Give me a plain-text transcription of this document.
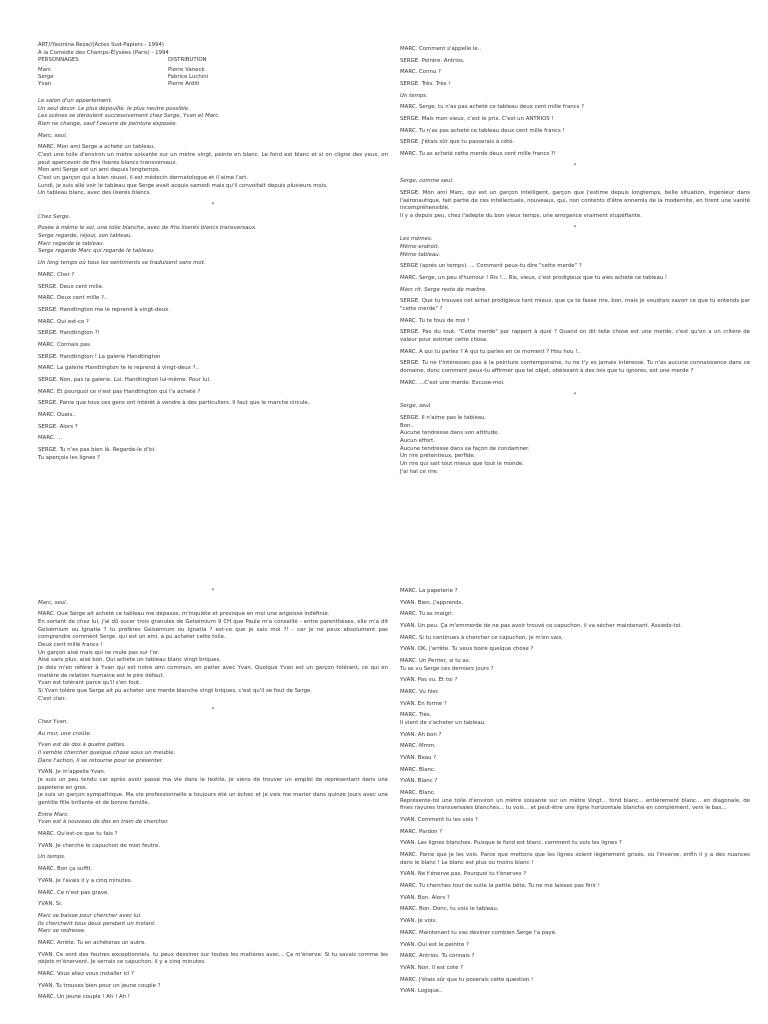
ART//Yasmina Reza//(Actes Sud-Papiers - 1994)
A la Comédie des Champs-Élysées (Paris) - 1994
PERSONNAGES	DISTRIBUTION
Marc	Pierre Vaneck
Serge	Fabrice Luchini
Yvan	Pierre Arditi
Le salon d'un appartement.
Un seul décor. Le plus dépouillé, le plus neutre possible.
Les scènes se déroulent successivement chez Serge, Yvan et Marc.
Rien ne change, sauf l'oeuvre de peinture exposée.
Marc, seul.
MARC. Mon ami Serge a acheté un tableau.
C'est une toile d'environ un mètre soixante sur un mètre vingt, peinte en blanc. Le fond est blanc et si on cligne des yeux, on peut apercevoir de fins liserés blancs transversaux.
Mon ami Serge est un ami depuis longtemps.
C'est un garçon qui a bien réussi, il est médecin dermatologue et il aime l'art.
Lundi, je suis allé voir le tableau que Serge avait acquis samedi mais qu'il convoitait depuis plusieurs mois.
Un tableau blanc, avec des liserés blancs.
*
Chez Serge.
Posée à même le sol, une toile blanche, avec de fins liserés blancs transversaux.
Serge regarde, réjoui, son tableau.
Marc regarde le tableau.
Serge regarde Marc qui regarde le tableau.
Un long temps où tous les sentiments se traduisent sans mot.
MARC. Cher ?
SERGE. Deux cent mille.
MARC. Deux cent mille ?..
SERGE. Handtington me le reprend à vingt-deux.
MARC. Qui est-ce ?
SERGE. Handtington ?!
MARC. Connais pas.
SERGE. Handtington ! La galerie Handtington
MARC. La galerie Handtington te le reprend à vingt-deux ?..
SERGE. Non, pas la galerie. Lui. Handtington lui-même. Pour lui.
MARC. Et pourquoi ce n'est pas Handtington qui l'a acheté ?
SERGE. Parce que tous ces gens ont intérêt à vendre à des particuliers. Il faut que le marché circule.
MARC. Ouais..
SERGE. Alors ?
MARC. ...
SERGE. Tu n'es pas bien là. Regarde-le d'ici.
Tu aperçois les lignes ?
MARC. Comment s'appelle le..
SERGE. Peintre. Antrios.
MARC. Connu ?
SERGE. Très. Très !
Un temps.
MARC. Serge, tu n'as pas acheté ce tableau deux cent mille francs ?
SERGE. Mais mon vieux, c'est le prix. C'est un ANTRIOS !
MARC. Tu n'as pas acheté ce tableau deux cent mille francs !
SERGE. J'étais sûr que tu passerais à côté.
MARC. Tu as acheté cette merde deux cent mille francs ?!
*
Serge, comme seul.
SERGE. Mon ami Marc, qui est un garçon intelligent, garçon que j'estime depuis longtemps, belle situation, ingénieur dans l'aéronautique, fait partie de ces intellectuels, nouveaux, qui, non contents d'être ennemis de la modernité, en tirent une vanité incompréhensible.
Il y a depuis peu, chez l'adepte du bon vieux temps, une arrogance vraiment stupéfiante.
*
Les mêmes.
Même endroit.
Même tableau.
SERGE (après un temps). ... Comment peux-tu dire "cette merde" ?
MARC. Serge, un peu d'humour ! Ris !... Ris, vieux, c'est prodigieux que tu aies acheté ce tableau !
Marc rit. Serge reste de marbre.
SERGE. Que tu trouves cet achat prodigieux tant mieux, que ça te fasse rire, bon, mais je voudrais savoir ce que tu entends par "cette merde" ?
MARC. Tu te fous de moi !
SERGE. Pas du tout. "Cette merde" par rapport à quoi ? Quand on dit telle chose est une merde, c'est qu'on a un critère de valeur pour estimer cette chose.
MARC. A qui tu parles ? A qui tu parles en ce moment ? Hou hou !..
SERGE. Tu ne t'intéresses pas à la peinture contemporaine, tu ne t'y es jamais intéressé. Tu n'as aucune connaissance dans ce domaine, donc comment peux-tu affirmer que tel objet, obéissant à des lois que tu ignores, est une merde ?
MARC. ...C'est une merde. Excuse-moi.
*
Serge, seul.
SERGE. Il n'aime pas le tableau.
Bon..
Aucune tendresse dans son attitude.
Aucun effort.
Aucune tendresse dans sa façon de condamner.
Un rire prétentieux, perfide.
Un rire qui sait tout mieux que tout le monde.
J'ai haï ce rire.
*
Marc, seul.
MARC. Que Serge ait acheté ce tableau me dépasse, m'inquiète et provoque en moi une angoisse indéfinie.
En sortant de chez lui, j'ai dû sucer trois granules de Gelsémium 9 CH que Paula m'a conseillé - entre parenthèses, elle m'a dit Gelsémium ou Ignatia ? tu préfères Gelsémium ou Ignatia ? est-ce que je sais moi ?! - car je ne peux absolument pas comprendre comment Serge, qui est un ami, a pu acheter cette toile.
Deux cent mille francs !
Un garçon aisé mais qui ne roule pas sur l'or.
Aisé sans plus, aisé bon. Qui achète un tableau blanc vingt briques.
Je dois m'en référer à Yvan qui est notre ami commun, en parler avec Yvan. Quoique Yvan est un garçon tolérant, ce qui en matière de relation humaine est le pire défaut.
Yvan est tolérant parce qu'il s'en fout.
Si Yvan tolère que Serge ait pu acheter une merde blanche vingt briques, c'est qu'il se fout de Serge.
C'est clair.
*
Chez Yvan.
Au mur, une croûte.
Yvan est de dos à quatre pattes.
Il semble chercher quelque chose sous un meuble.
Dans l'action, il se retourne pour se présenter.
YVAN. Je m'appelle Yvan.
Je suis un peu tendu car après avoir passé ma vie dans le textile, je viens de trouver un emploi de représentant dans une papeterie en gros.
Je suis un garçon sympathique. Ma vie professionnelle a toujours été un échec et je vais me marier dans quinze jours avec une gentille fille brillante et de bonne famille.
Entre Marc.
Yvan est à nouveau de dos en train de chercher.
MARC. Qu'est-ce que tu fais ?
YVAN. Je cherche le capuchon de mon feutre.
Un temps.
MARC. Bon ça suffit.
YVAN. Je l'avais il y a cinq minutes.
MARC. Ce n'est pas grave.
YVAN. Si.
Marc se baisse pour chercher avec lui.
Ils cherchent tous deux pendant un instant.
Marc se redresse.
MARC. Arrête. Tu en achèteras un autre.
YVAN. Ce sont des feutres exceptionnels, tu peux dessiner sur toutes les matières avec... Ça m'énerve. Si tu savais comme les objets m'énervent. Je serrais ce capuchon, il y a cinq minutes.
MARC. Vous allez vous installer ici ?
YVAN. Tu trouves bien pour un jeune couple ?
MARC. Un jeune couple ! Ah ! Ah !
MARC. La papeterie ?
YVAN. Bien. J'apprends.
MARC. Tu as maigri.
YVAN. Un peu. Ça m'emmerde de ne pas avoir trouvé ce capuchon, il va sécher maintenant. Assieds-toi.
MARC. Si tu continues à chercher ce capuchon, je m'en vais.
YVAN. OK, j'arrête. Tu veux boire quelque chose ?
MARC. Un Perrier, si tu as.
Tu as vu Serge ces derniers jours ?
YVAN. Pas vu. Et toi ?
MARC. Vu hier.
YVAN. En forme ?
MARC. Très.
Il vient de s'acheter un tableau.
YVAN. Ah bon ?
MARC. Mmm.
YVAN. Beau ?
MARC. Blanc.
YVAN. Blanc ?
MARC. Blanc.
Représente-toi une toile d'environ un mètre soixante sur un mètre Vingt... fond blanc... entièrement blanc... en diagonale, de fines rayures transversales blanches... tu vois... et peut-être une ligne horizontale blanche en complément, vers le bas...
YVAN. Comment tu les vois ?
MARC. Pardon ?
YVAN. Les lignes blanches. Puisque le fond est blanc, comment tu vois les lignes ?
MARC. Parce que je les vois. Parce que mettons que les lignes soient légèrement grisés, ou l'inverse, enfin il y a des nuances dans le blanc ! Le blanc est plus ou moins blanc !
YVAN. Ne t'énerve pas. Pourquoi tu t'énerves ?
MARC. Tu cherches tout de suite la petite bête. Tu ne me laisses pas finir !
YVAN. Bon. Alors ?
MARC. Bon. Donc, tu vois le tableau.
YVAN. Je vois.
MARC. Maintenant tu vas deviner combien Serge l'a payé.
YVAN. Qui est le peintre ?
MARC. Antrios. Tu connais ?
YVAN. Non. Il est coté ?
MARC. J'étais sûr que tu poserais cette question !
YVAN. Logique..
